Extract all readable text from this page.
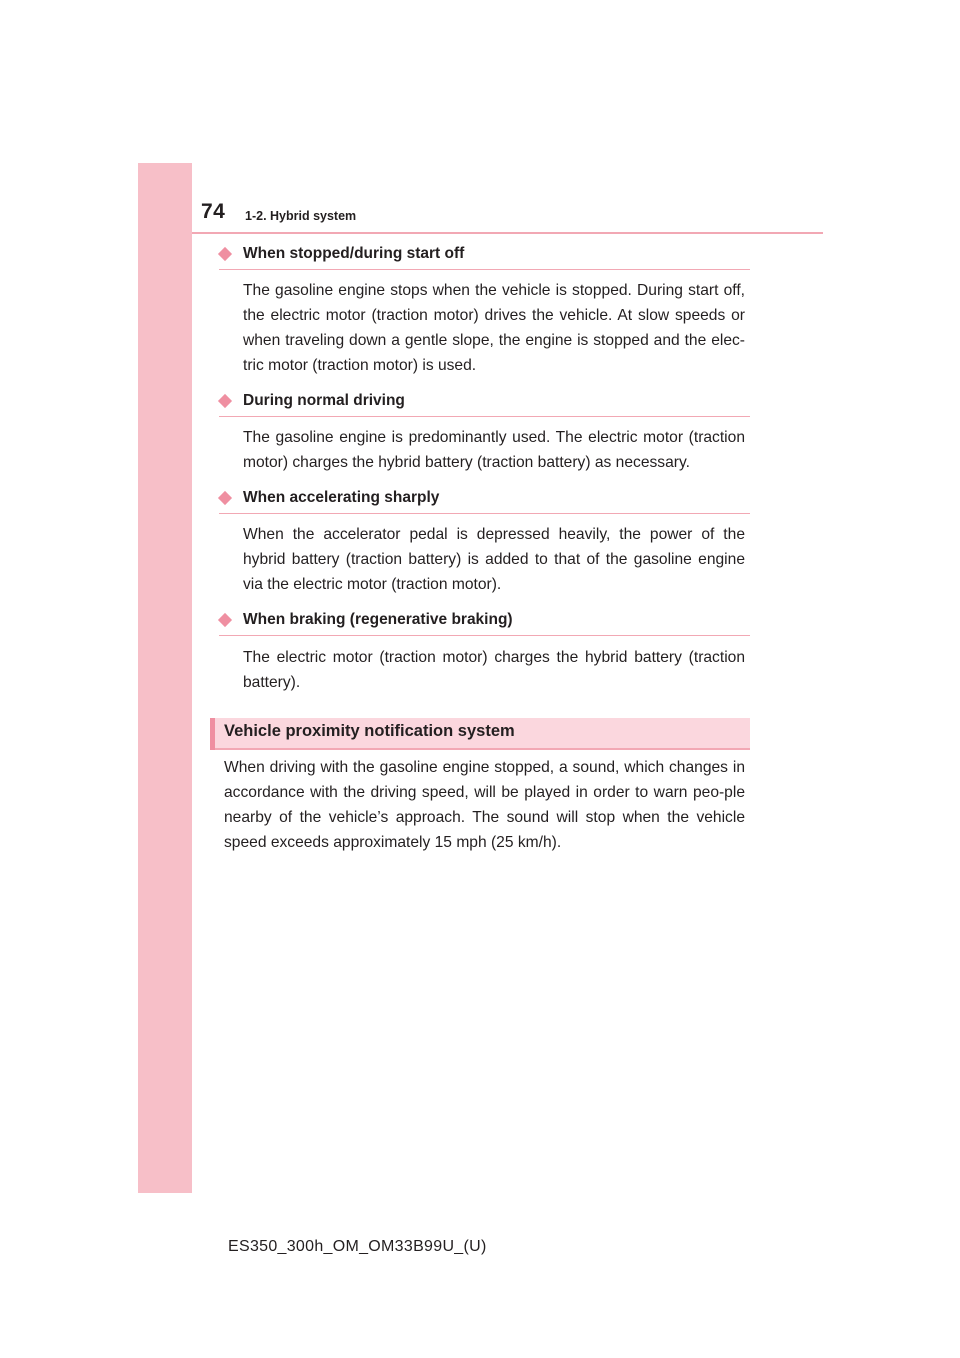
74 1-2. Hybrid system
When stopped/during start off

The gasoline engine stops when the vehicle is stopped. During start off, the electric motor (traction motor) drives the vehicle. At slow speeds or when traveling down a gentle slope, the engine is stopped and the elec-tric motor (traction motor) is used.

During normal driving

The gasoline engine is predominantly used. The electric motor (traction motor) charges the hybrid battery (traction battery) as necessary.

When accelerating sharply

When the accelerator pedal is depressed heavily, the power of the hybrid battery (traction battery) is added to that of the gasoline engine via the electric motor (traction motor).

When braking (regenerative braking)

The electric motor (traction motor) charges the hybrid battery (traction battery).

Vehicle proximity notification system

When driving with the gasoline engine stopped, a sound, which changes in accordance with the driving speed, will be played in order to warn peo-ple nearby of the vehicle’s approach. The sound will stop when the vehicle speed exceeds approximately 15 mph (25 km/h).

ES350_300h_OM_OM33B99U_(U)
